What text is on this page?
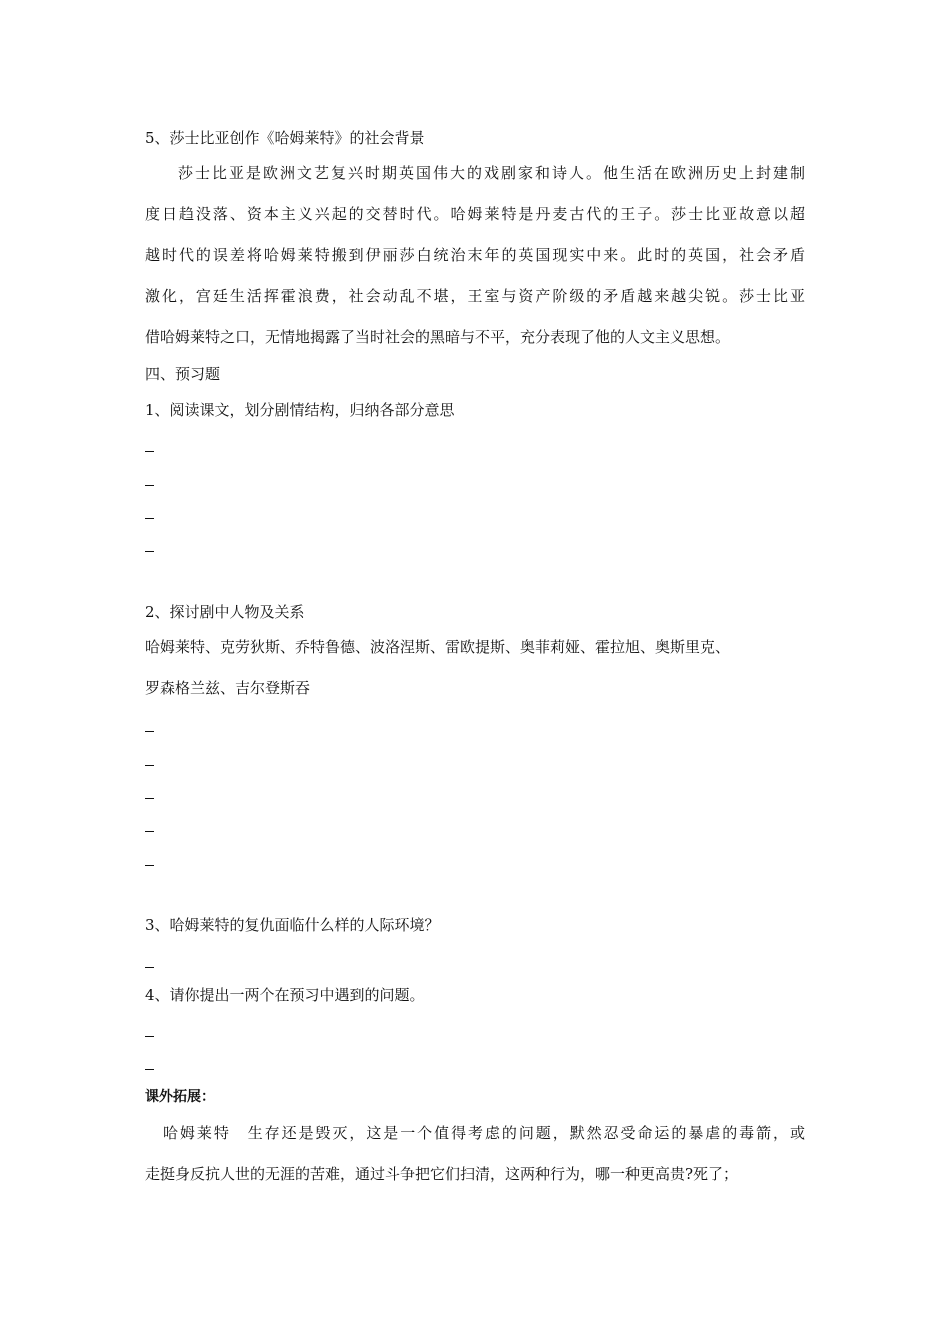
5、莎士比亚创作《哈姆莱特》的社会背景
莎士比亚是欧洲文艺复兴时期英国伟大的戏剧家和诗人。他生活在欧洲历史上封建制
度日趋没落、资本主义兴起的交替时代。哈姆莱特是丹麦古代的王子。莎士比亚故意以超
越时代的误差将哈姆莱特搬到伊丽莎白统治末年的英国现实中来。此时的英国，社会矛盾
激化，宫廷生活挥霍浪费，社会动乱不堪，王室与资产阶级的矛盾越来越尖锐。莎士比亚
借哈姆莱特之口，无情地揭露了当时社会的黑暗与不平，充分表现了他的人文主义思想。
四、预习题
1、阅读课文，划分剧情结构，归纳各部分意思
2、探讨剧中人物及关系
哈姆莱特、克劳狄斯、乔特鲁德、波洛涅斯、雷欧提斯、奥菲莉娅、霍拉旭、奥斯里克、
罗森格兰兹、吉尔登斯吞
3、哈姆莱特的复仇面临什么样的人际环境？
4、请你提出一两个在预习中遇到的问题。
课外拓展：
哈姆莱特　生存还是毁灭，这是一个值得考虑的问题，默然忍受命运的暴虐的毒箭，或
走挺身反抗人世的无涯的苦难，通过斗争把它们扫清，这两种行为，哪一种更高贵?死了；
